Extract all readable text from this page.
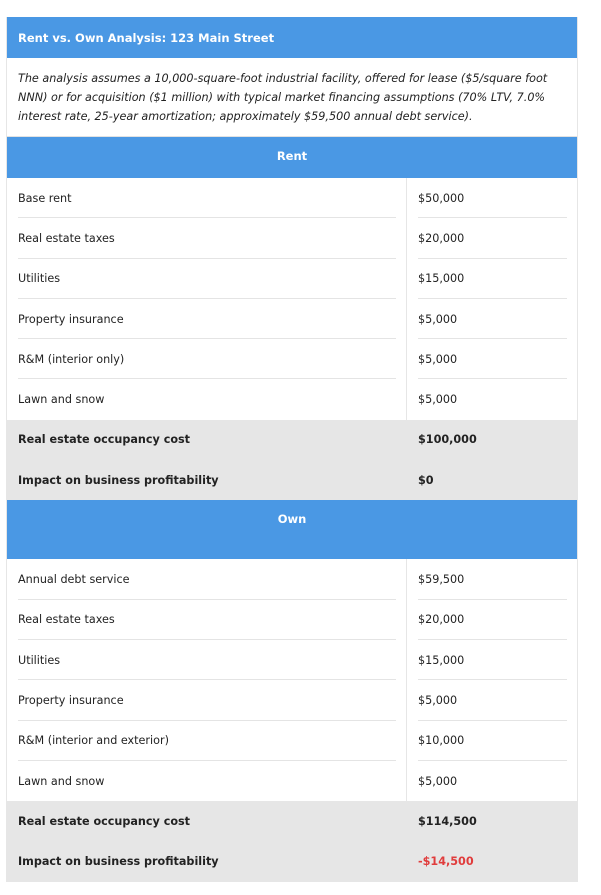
Rent vs. Own Analysis: 123 Main Street
The analysis assumes a 10,000-square-foot industrial facility, offered for lease ($5/square foot NNN) or for acquisition ($1 million) with typical market financing assumptions (70% LTV, 7.0% interest rate, 25-year amortization; approximately $59,500 annual debt service).
Rent
Base rent	$50,000
Real estate taxes	$20,000
Utilities	$15,000
Property insurance	$5,000
R&M (interior only)	$5,000
Lawn and snow	$5,000
Real estate occupancy cost	$100,000
Impact on business profitability	$0
Own
Annual debt service	$59,500
Real estate taxes	$20,000
Utilities	$15,000
Property insurance	$5,000
R&M (interior and exterior)	$10,000
Lawn and snow	$5,000
Real estate occupancy cost	$114,500
Impact on business profitability	-$14,500
